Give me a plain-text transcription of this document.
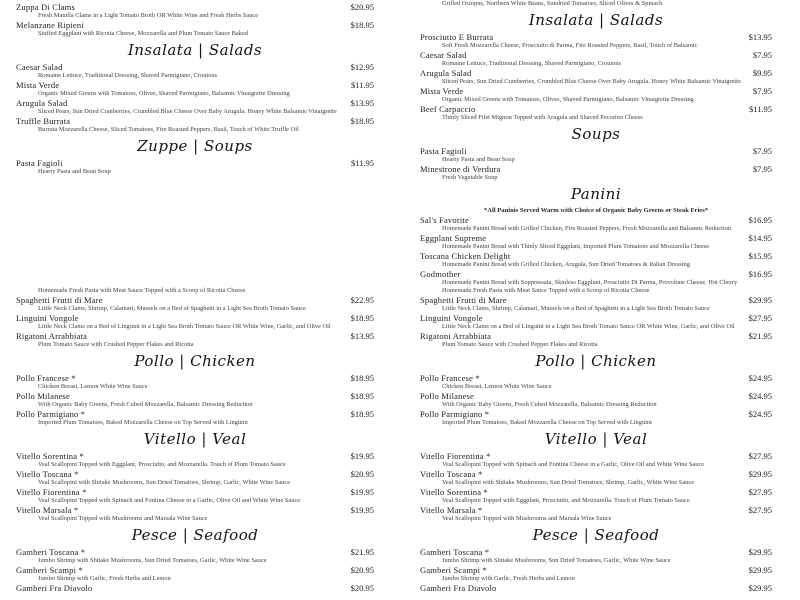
Zuppa Di Clams	$20.95
Fresh Manilla Clams in a Light Tomato Broth OR White Wine and Fresh Herbs Sauce
Melanzane Ripieni	$18.95
Stuffed Eggplant with Ricotta Cheese, Mozzarella and Plum Tomato Sauce Baked
Insalata | Salads
Caesar Salad	$12.95
Romaine Lettuce, Traditional Dressing, Shaved Parmigiano, Croutons
Mista Verde	$11.95
Organic Mixed Greens with Tomatoes, Olives, Shaved Parmigiano, Balsamic Vinaigrette Dressing
Arugula Salad	$13.95
Sliced Pears, Sun Dried Cranberries, Crumbled Blue Cheese Over Baby Arugula. Honey White Balsamic Vinaigrette
Truffle Burrata	$18.95
Burrata Mozzarella Cheese, Sliced Tomatoes, Fire Roasted Peppers, Basil, Touch of White Truffle Oil
Zuppe | Soups
Pasta Fagioli	$11.95
Hearty Pasta and Bean Soup
Homemade Fresh Pasta with Meat Sauce Topped with a Scoop of Ricotta Cheese
Spaghetti Frutti di Mare	$22.95
Little Neck Clams, Shrimp, Calamari, Mussels on a Bed of Spaghetti in a Light Sea Broth Tomato Sauce
Linguini Vongole	$18.95
Little Neck Clams on a Bed of Linguini in a Light Sea Broth Tomato Sauce OR White Wine, Garlic, and Olive Oil
Rigatoni Arrabbiata	$13.95
Plum Tomato Sauce with Crushed Pepper Flakes and Ricotta
Pollo | Chicken
Pollo Francese *	$18.95
Chicken Breast, Lemon White Wine Sauce
Pollo Milanese	$18.95
With Organic Baby Greens, Fresh Cubed Mozzarella, Balsamic Dressing Reduction
Pollo Parmigiano *	$18.95
Imported Plum Tomatoes, Baked Mozzarella Cheese on Top Served with Linguini
Vitello | Veal
Vitello Sorentina *	$19.95
Veal Scallopini Topped with Eggplant, Prosciutto, and Mozzarella. Touch of Plum Tomato Sauce
Vitello Toscana *	$20.95
Veal Scallopini with Shitake Mushrooms, Sun Dried Tomatoes, Shrimp, Garlic, White Wine Sauce
Vitello Fiorentina *	$19.95
Veal Scallopini Topped with Spinach and Fontina Cheese in a Garlic, Olive Oil and White Wine Sauce
Vitello Marsala *	$19.95
Veal Scallopini Topped with Mushrooms and Marsala Wine Sauce
Pesce | Seafood
Gamberi Toscana *	$21.95
Jumbo Shrimp with Shitake Mushrooms, Sun Dried Tomatoes, Garlic, White Wine Sauce
Gamberi Scampi *	$20.95
Jumbo Shrimp with Garlic, Fresh Herbs and Lemon
Gamberi Fra Diavolo	$20.95
Grilled Octopus, Northern White Beans, Sundried Tomatoes, Sliced Olives & Spinach
Insalata | Salads
Prosciutto E Burrata	$13.95
Soft Fresh Mozzarella Cheese, Prosciutto di Parma, Fire Roasted Peppers, Basil, Touch of Balsamic
Caesar Salad	$7.95
Romaine Lettuce, Traditional Dressing, Shaved Parmigiano, Croutons
Arugula Salad	$9.95
Sliced Pears, Sun Dried Cranberries, Crumbled Blue Cheese Over Baby Arugula. Honey White Balsamic Vinaigrette
Mista Verde	$7.95
Organic Mixed Greens with Tomatoes, Olives, Shaved Parmigiano, Balsamic Vinaigrette Dressing
Beef Carpaccio	$11.95
Thinly Sliced Filet Mignon Topped with Arugula and Shaved Pecorino Cheese
Soups
Pasta Fagioli	$7.95
Hearty Pasta and Bean Soup
Minestrone di Verdura	$7.95
Fresh Vegetable Soup
Panini
*All Paninis Served Warm with Choice of Organic Baby Greens or Steak Fries*
Sal's Favorite	$16.95
Homemade Panini Bread with Grilled Chicken, Fire Roasted Peppers, Fresh Mozzarella and Balsamic Reduction
Eggplant Supreme	$14.95
Homemade Panini Bread with Thinly Sliced Eggplant, Imported Plum Tomatoes and Mozzarella Cheese
Toscana Chicken Delight	$15.95
Homemade Panini Bread with Grilled Chicken, Arugula, Sun Dried Tomatoes & Italian Dressing
Godmother	$16.95
Homemade Panini Bread with Soppressata, Skinless Eggplant, Prosciutto Di Parma, Provolone Cheese, Hot Cherry
Homemade Fresh Pasta with Meat Sauce Topped with a Scoop of Ricotta Cheese
Spaghetti Frutti di Mare	$29.95
Little Neck Clams, Shrimp, Calamari, Mussels on a Bed of Spaghetti in a Light Sea Broth Tomato Sauce
Linguini Vongole	$27.95
Little Neck Clams on a Bed of Linguini in a Light Sea Broth Tomato Sauce OR White Wine, Garlic, and Olive Oil
Rigatoni Arrabbiata	$21.95
Plum Tomato Sauce with Crushed Pepper Flakes and Ricotta
Pollo | Chicken
Pollo Francese *	$24.95
Chicken Breast, Lemon White Wine Sauce
Pollo Milanese	$24.95
With Organic Baby Greens, Fresh Cubed Mozzarella, Balsamic Dressing Reduction
Pollo Parmigiano *	$24.95
Imported Plum Tomatoes, Baked Mozzarella Cheese on Top Served with Linguini
Vitello | Veal
Vitello Fiorentina *	$27.95
Veal Scallopini Topped with Spinach and Fontina Cheese in a Garlic, Olive Oil and White Wine Sauce
Vitello Toscana *	$29.95
Veal Scallopini with Shitake Mushrooms, Sun Dried Tomatoes, Shrimp, Garlic, White Wine Sauce
Vitello Sorentina *	$27.95
Veal Scallopini Topped with Eggplant, Prosciutto, and Mozzarella. Touch of Plum Tomato Sauce
Vitello Marsala *	$27.95
Veal Scallopini Topped with Mushrooms and Marsala Wine Sauce
Pesce | Seafood
Gamberi Toscana *	$29.95
Jumbo Shrimp with Shitake Mushrooms, Sun Dried Tomatoes, Garlic, White Wine Sauce
Gamberi Scampi *	$29.95
Jumbo Shrimp with Garlic, Fresh Herbs and Lemon
Gamberi Fra Diavolo	$29.95
